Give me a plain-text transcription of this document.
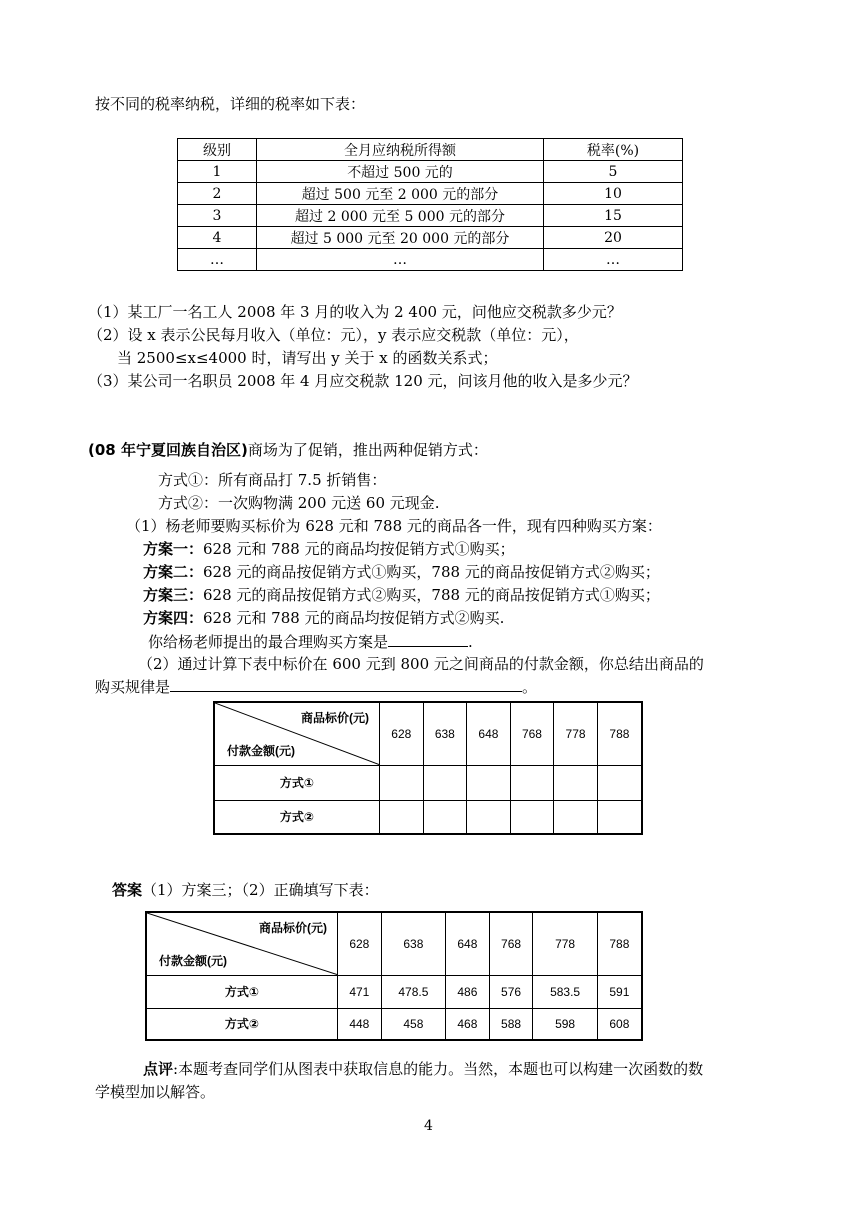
按不同的税率纳税，详细的税率如下表：
级别	全月应纳税所得额	税率(%)
1	不超过 500 元的	5
2	超过 500 元至 2 000 元的部分	10
3	超过 2 000 元至 5 000 元的部分	15
4	超过 5 000 元至 20 000 元的部分	20
…	…	…
（1）某工厂一名工人 2008 年 3 月的收入为 2 400 元，问他应交税款多少元？
（2）设 x 表示公民每月收入（单位：元），y 表示应交税款（单位：元），
当 2500≤x≤4000 时，请写出 y 关于 x 的函数关系式；
（3）某公司一名职员 2008 年 4 月应交税款 120 元，问该月他的收入是多少元？
(08 年宁夏回族自治区)商场为了促销，推出两种促销方式：
方式①：所有商品打 7.5 折销售：
方式②：一次购物满 200 元送 60 元现金.
（1）杨老师要购买标价为 628 元和 788 元的商品各一件，现有四种购买方案：
方案一：628 元和 788 元的商品均按促销方式①购买；
方案二：628 元的商品按促销方式①购买，788 元的商品按促销方式②购买；
方案三：628 元的商品按促销方式②购买，788 元的商品按促销方式①购买；
方案四：628 元和 788 元的商品均按促销方式②购买.
你给杨老师提出的最合理购买方案是	.
（2）通过计算下表中标价在 600 元到 800 元之间商品的付款金额，你总结出商品的
购买规律是	。
商品标价(元)
付款金额(元)	628	638	648	768	778	788
方式①						
方式②						
答案（1）方案三；（2）正确填写下表：
商品标价(元)
付款金额(元)	628	638	648	768	778	788
方式①	471	478.5	486	576	583.5	591
方式②	448	458	468	588	598	608
点评:本题考查同学们从图表中获取信息的能力。当然，本题也可以构建一次函数的数
学模型加以解答。
4
